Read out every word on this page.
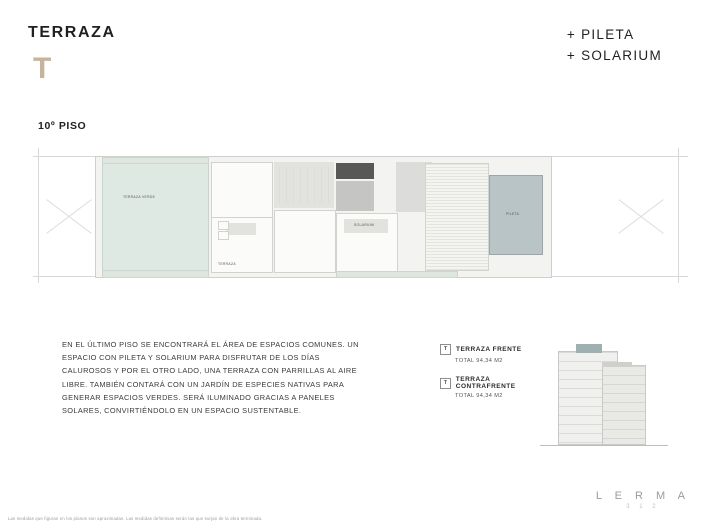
TERRAZA
T
+ PILETA
+ SOLARIUM
10º PISO
TERRAZA VERDE
TERRAZA
SOLARIUM
PILETA
EN EL ÚLTIMO PISO SE ENCONTRARÁ EL ÁREA DE ESPACIOS COMUNES. UN ESPACIO CON PILETA Y SOLARIUM PARA DISFRUTAR DE LOS DÍAS CALUROSOS Y POR EL OTRO LADO, UNA TERRAZA CON PARRILLAS AL AIRE LIBRE. TAMBIÉN CONTARÁ CON UN JARDÍN DE ESPECIES NATIVAS PARA GENERAR ESPACIOS VERDES. SERÁ ILUMINADO GRACIAS A PANELES SOLARES, CONVIRTIÉNDOLO EN UN ESPACIO SUSTENTABLE.
T	TERRAZA FRENTE
TOTAL 94,34 M2
T	TERRAZA CONTRAFRENTE
TOTAL 94,34 M2
Las medidas que figuran en los planos son aproximadas. Las medidas definitivas serán las que surjan de la obra terminada.
L E R M A
3 1 2
